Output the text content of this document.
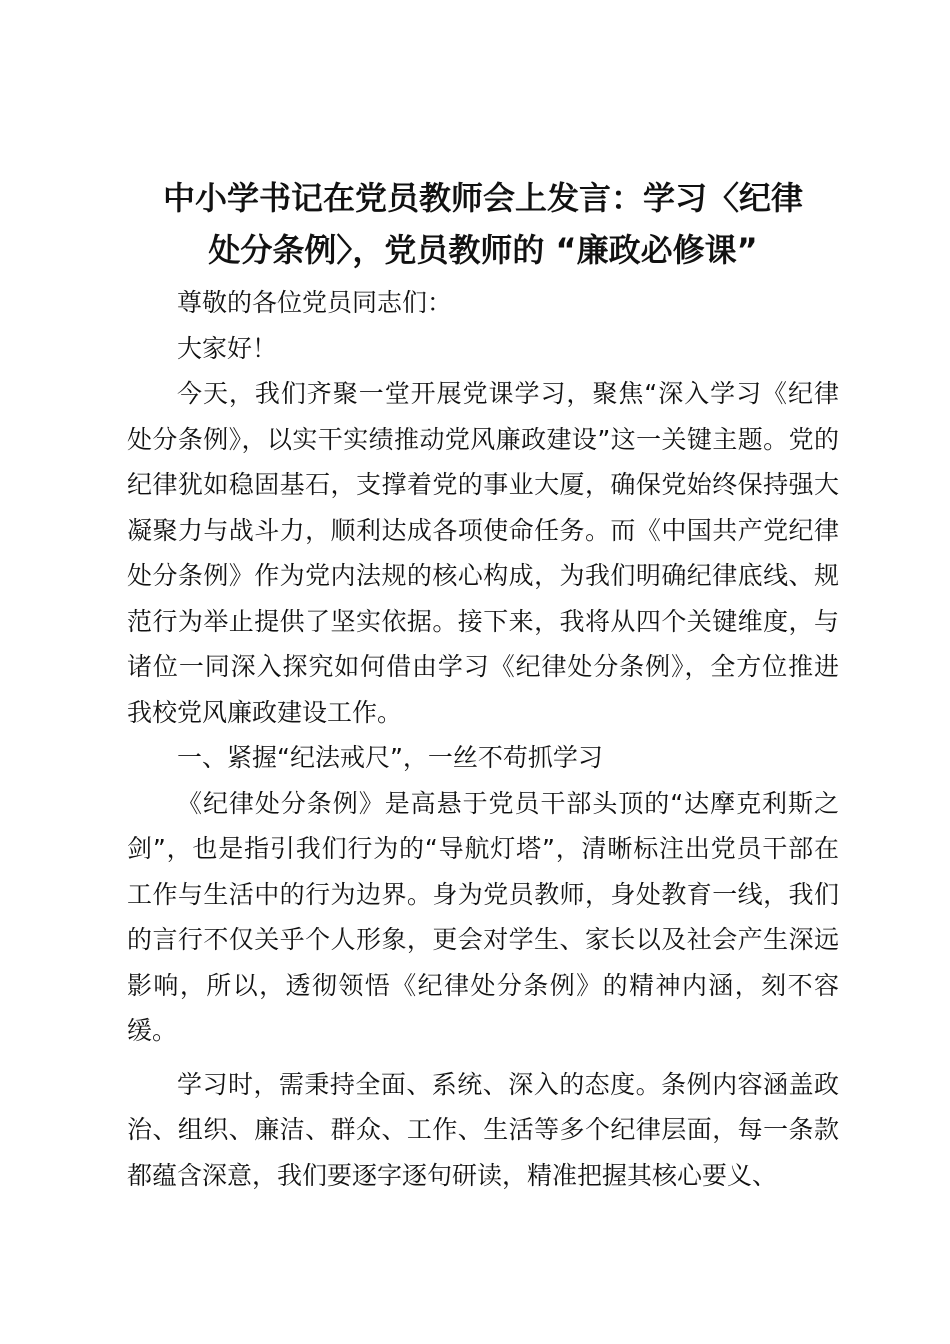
中小学书记在党员教师会上发言：学习〈纪律
处分条例〉，党员教师的 “廉政必修课”

尊敬的各位党员同志们：

大家好！

今天，我们齐聚一堂开展党课学习，聚焦“深入学习《纪律处分条例》，以实干实绩推动党风廉政建设”这一关键主题。党的纪律犹如稳固基石，支撑着党的事业大厦，确保党始终保持强大凝聚力与战斗力，顺利达成各项使命任务。而《中国共产党纪律处分条例》作为党内法规的核心构成，为我们明确纪律底线、规范行为举止提供了坚实依据。接下来，我将从四个关键维度，与诸位一同深入探究如何借由学习《纪律处分条例》，全方位推进我校党风廉政建设工作。

一、紧握“纪法戒尺”，一丝不苟抓学习

《纪律处分条例》是高悬于党员干部头顶的“达摩克利斯之剑”，也是指引我们行为的“导航灯塔”，清晰标注出党员干部在工作与生活中的行为边界。身为党员教师，身处教育一线，我们的言行不仅关乎个人形象，更会对学生、家长以及社会产生深远影响，所以，透彻领悟《纪律处分条例》的精神内涵，刻不容缓。

学习时，需秉持全面、系统、深入的态度。条例内容涵盖政治、组织、廉洁、群众、工作、生活等多个纪律层面，每一条款都蕴含深意，我们要逐字逐句研读，精准把握其核心要义、
